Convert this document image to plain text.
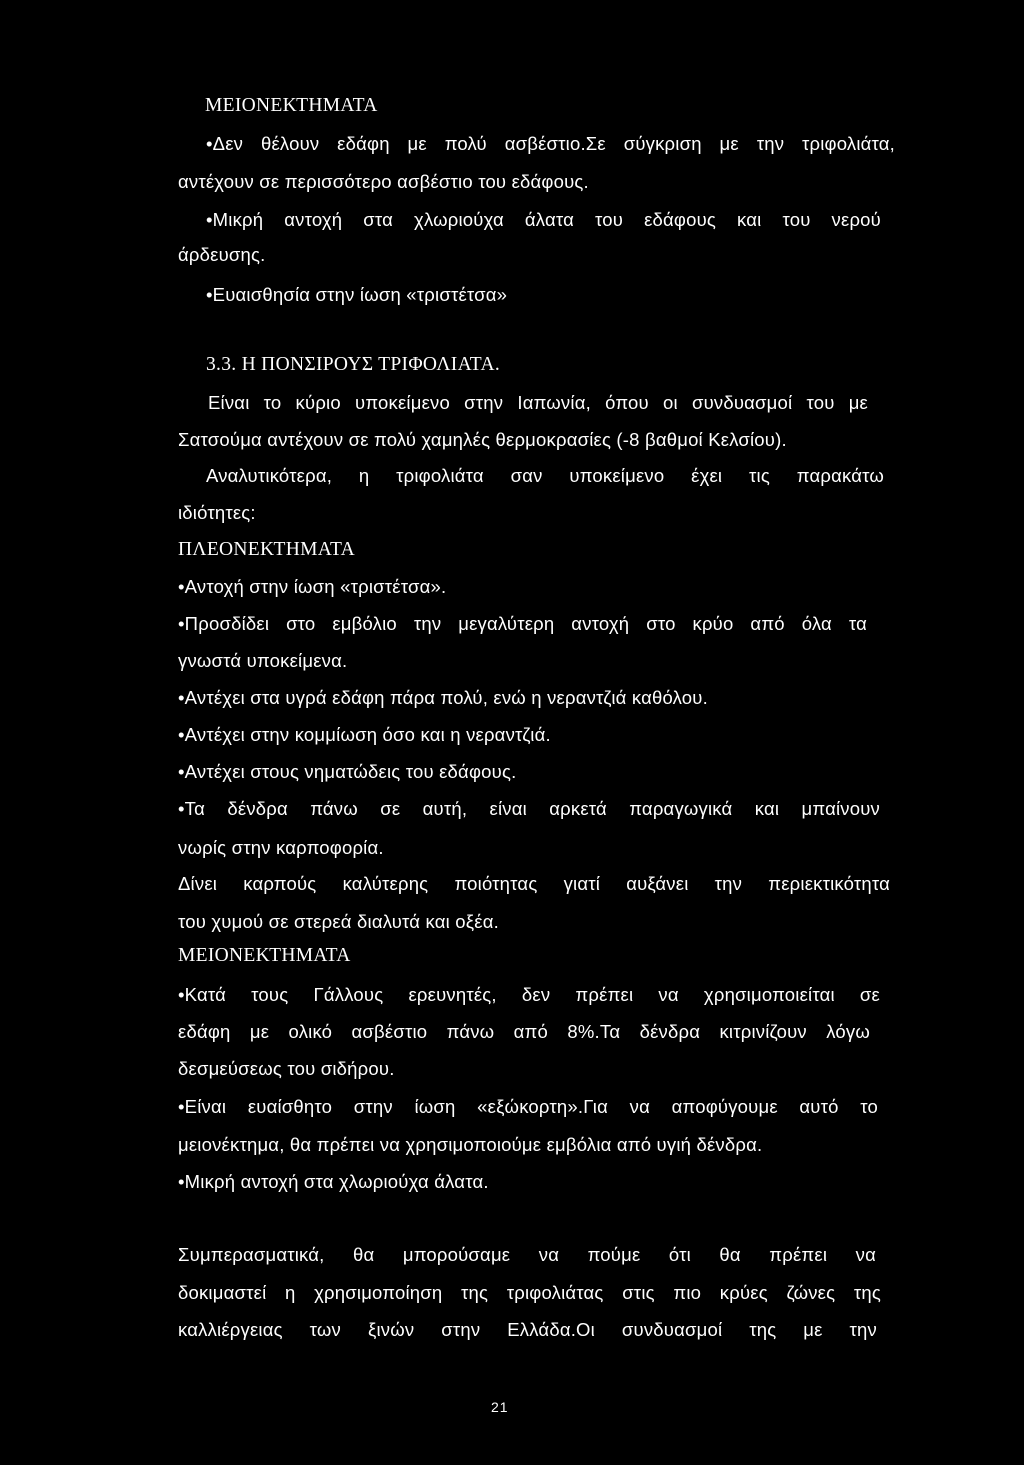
ΜΕΙΟΝΕΚΤΗΜΑΤΑ
•Δεν θέλουν εδάφη με πολύ ασβέστιο.Σε σύγκριση με την τριφολιάτα,
αντέχουν σε περισσότερο ασβέστιο του εδάφους.
•Μικρή αντοχή στα χλωριούχα άλατα του εδάφους και του νερού
άρδευσης.
•Ευαισθησία στην ίωση «τριστέτσα»
3.3. Η ΠΟΝΣΙΡΟΥΣ ΤΡΙΦΟΛΙΑΤΑ.
Είναι το κύριο υποκείμενο στην Ιαπωνία, όπου οι συνδυασμοί του με
Σατσούμα αντέχουν σε πολύ χαμηλές θερμοκρασίες (-8 βαθμοί Κελσίου).
Αναλυτικότερα, η τριφολιάτα σαν υποκείμενο έχει τις παρακάτω
ιδιότητες:
ΠΛΕΟΝΕΚΤΗΜΑΤΑ
•Αντοχή στην ίωση «τριστέτσα».
•Προσδίδει στο εμβόλιο την μεγαλύτερη αντοχή στο κρύο από όλα τα
γνωστά υποκείμενα.
•Αντέχει στα υγρά εδάφη πάρα πολύ, ενώ η νεραντζιά καθόλου.
•Αντέχει στην κομμίωση όσο και η νεραντζιά.
•Αντέχει στους νηματώδεις του εδάφους.
•Τα δένδρα πάνω σε αυτή, είναι αρκετά παραγωγικά και μπαίνουν
νωρίς στην καρποφορία.
Δίνει καρπούς καλύτερης ποιότητας γιατί αυξάνει την περιεκτικότητα
του χυμού σε στερεά διαλυτά και οξέα.
ΜΕΙΟΝΕΚΤΗΜΑΤΑ
•Κατά τους Γάλλους ερευνητές, δεν πρέπει να χρησιμοποιείται σε
εδάφη με ολικό ασβέστιο πάνω από 8%.Τα δένδρα κιτρινίζουν λόγω
δεσμεύσεως του σιδήρου.
•Είναι ευαίσθητο στην ίωση «εξώκορτη».Για να αποφύγουμε αυτό το
μειονέκτημα, θα πρέπει να χρησιμοποιούμε εμβόλια από υγιή δένδρα.
•Μικρή αντοχή στα χλωριούχα άλατα.
Συμπερασματικά, θα μπορούσαμε να πούμε ότι θα πρέπει να
δοκιμαστεί η χρησιμοποίηση της τριφολιάτας στις πιο κρύες ζώνες της
καλλιέργειας των ξινών στην Ελλάδα.Οι συνδυασμοί της με την
21
